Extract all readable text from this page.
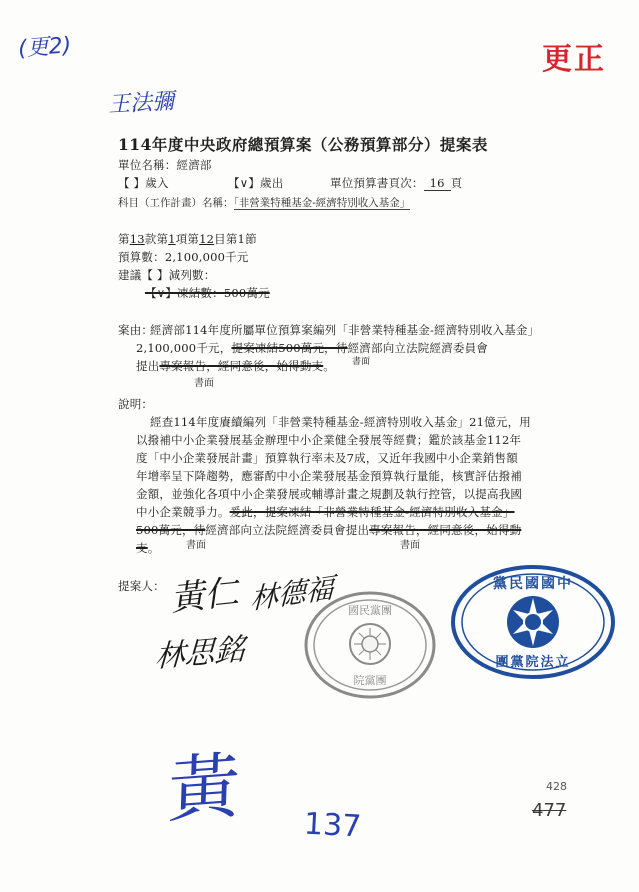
(更2)	更正
王法彌
114年度中央政府總預算案（公務預算部分）提案表
單位名稱：經濟部
【 】歲入	【∨】歲出	單位預算書頁次： 16 頁
科目（工作計畫）名稱：「非營業特種基金-經濟特別收入基金」
第13款第1項第12目第1節
預算數：2,100,000千元
建議【 】減列數：
【∨】凍結數：500萬元
案由：
經濟部114年度所屬單位預算案編列「非營業特種基金-經濟特別收入基金」
2,100,000千元，提案凍結500萬元，待經濟部向立法院經濟委員會
書面
提出專案報告，經同意後，始得動支。
書面
說明：
經查114年度賡續編列「非營業特種基金-經濟特別收入基金」21億元，用
以撥補中小企業發展基金辦理中小企業健全發展等經費；鑑於該基金112年
度「中小企業發展計畫」預算執行率未及7成，又近年我國中小企業銷售額
年增率呈下降趨勢，應審酌中小企業發展基金預算執行量能，核實評估撥補
金額，並強化各項中小企業發展或輔導計畫之規劃及執行控管，以提高我國
中小企業競爭力。爰此，提案凍結「非營業特種基金-經濟特別收入基金」
500萬元，待經濟部向立法院經濟委員會提出專案報告，經同意後，始得動
支。	書面	書面
提案人： 黃仁 林德福
林思銘
國民黨團
院黨團
黨民國國中
團黨院法立
黃 137
428
477
